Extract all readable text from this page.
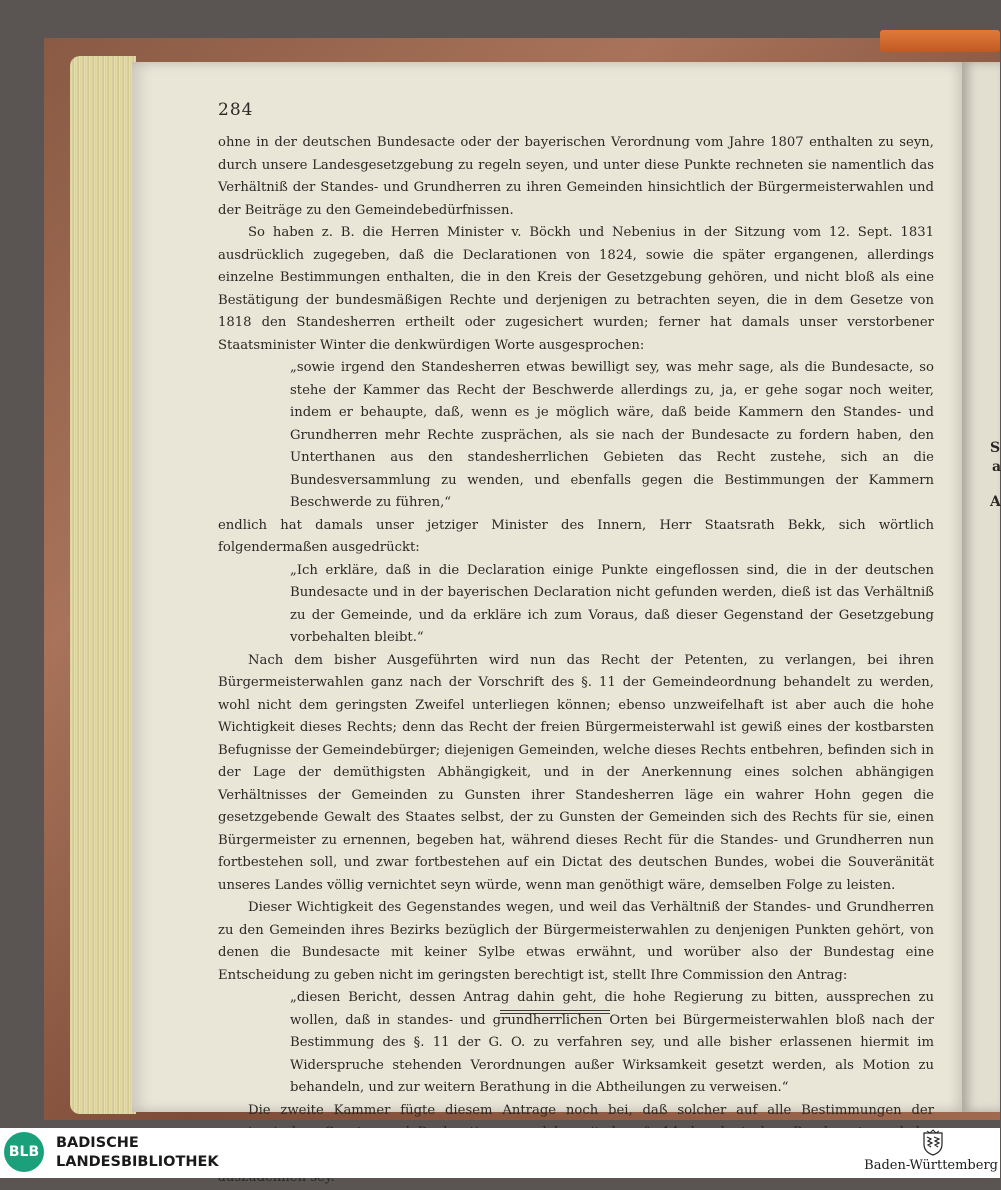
S
a
A
284

ohne in der deutschen Bundesacte oder der bayerischen Verordnung vom Jahre 1807 enthalten zu seyn, durch unsere Landesgesetzgebung zu regeln seyen, und unter diese Punkte rechneten sie namentlich das Verhältniß der Standes- und Grundherren zu ihren Gemeinden hinsichtlich der Bürgermeisterwahlen und der Beiträge zu den Gemeindebedürfnissen.

So haben z. B. die Herren Minister v. Böckh und Nebenius in der Sitzung vom 12. Sept. 1831 ausdrücklich zugegeben, daß die Declarationen von 1824, sowie die später ergangenen, allerdings einzelne Bestimmungen enthalten, die in den Kreis der Gesetzgebung gehören, und nicht bloß als eine Bestätigung der bundesmäßigen Rechte und derjenigen zu betrachten seyen, die in dem Gesetze von 1818 den Standesherren ertheilt oder zugesichert wurden; ferner hat damals unser verstorbener Staatsminister Winter die denkwürdigen Worte ausgesprochen:

„sowie irgend den Standesherren etwas bewilligt sey, was mehr sage, als die Bundesacte, so stehe der Kammer das Recht der Beschwerde allerdings zu, ja, er gehe sogar noch weiter, indem er behaupte, daß, wenn es je möglich wäre, daß beide Kammern den Standes- und Grundherren mehr Rechte zusprächen, als sie nach der Bundesacte zu fordern haben, den Unterthanen aus den standesherrlichen Gebieten das Recht zustehe, sich an die Bundesversammlung zu wenden, und ebenfalls gegen die Bestimmungen der Kammern Beschwerde zu führen,“

endlich hat damals unser jetziger Minister des Innern, Herr Staatsrath Bekk, sich wörtlich folgendermaßen ausgedrückt:

„Ich erkläre, daß in die Declaration einige Punkte eingeflossen sind, die in der deutschen Bundesacte und in der bayerischen Declaration nicht gefunden werden, dieß ist das Verhältniß zu der Gemeinde, und da erkläre ich zum Voraus, daß dieser Gegenstand der Gesetzgebung vorbehalten bleibt.“

Nach dem bisher Ausgeführten wird nun das Recht der Petenten, zu verlangen, bei ihren Bürgermeisterwahlen ganz nach der Vorschrift des §. 11 der Gemeindeordnung behandelt zu werden, wohl nicht dem geringsten Zweifel unterliegen können; ebenso unzweifelhaft ist aber auch die hohe Wichtigkeit dieses Rechts; denn das Recht der freien Bürgermeisterwahl ist gewiß eines der kostbarsten Befugnisse der Gemeindebürger; diejenigen Gemeinden, welche dieses Rechts entbehren, befinden sich in der Lage der demüthigsten Abhängigkeit, und in der Anerkennung eines solchen abhängigen Verhältnisses der Gemeinden zu Gunsten ihrer Standesherren läge ein wahrer Hohn gegen die gesetzgebende Gewalt des Staates selbst, der zu Gunsten der Gemeinden sich des Rechts für sie, einen Bürgermeister zu ernennen, begeben hat, während dieses Recht für die Standes- und Grundherren nun fortbestehen soll, und zwar fortbestehen auf ein Dictat des deutschen Bundes, wobei die Souveränität unseres Landes völlig vernichtet seyn würde, wenn man genöthigt wäre, demselben Folge zu leisten.

Dieser Wichtigkeit des Gegenstandes wegen, und weil das Verhältniß der Standes- und Grundherren zu den Gemeinden ihres Bezirks bezüglich der Bürgermeisterwahlen zu denjenigen Punkten gehört, von denen die Bundesacte mit keiner Sylbe etwas erwähnt, und worüber also der Bundestag eine Entscheidung zu geben nicht im geringsten berechtigt ist, stellt Ihre Commission den Antrag:

„diesen Bericht, dessen Antrag dahin geht, die hohe Regierung zu bitten, aussprechen zu wollen, daß in standes- und grundherrlichen Orten bei Bürgermeisterwahlen bloß nach der Bestimmung des §. 11 der G. O. zu verfahren sey, und alle bisher erlassenen hiermit im Widerspruche stehenden Verordnungen außer Wirksamkeit gesetzt werden, als Motion zu behandeln, und zur weitern Berathung in die Abtheilungen zu verweisen.“

Die zweite Kammer fügte diesem Antrage noch bei, daß solcher auf alle Bestimmungen der

BLB
BADISCHE
LANDESBIBLIOTHEK	Baden-Württemberg
